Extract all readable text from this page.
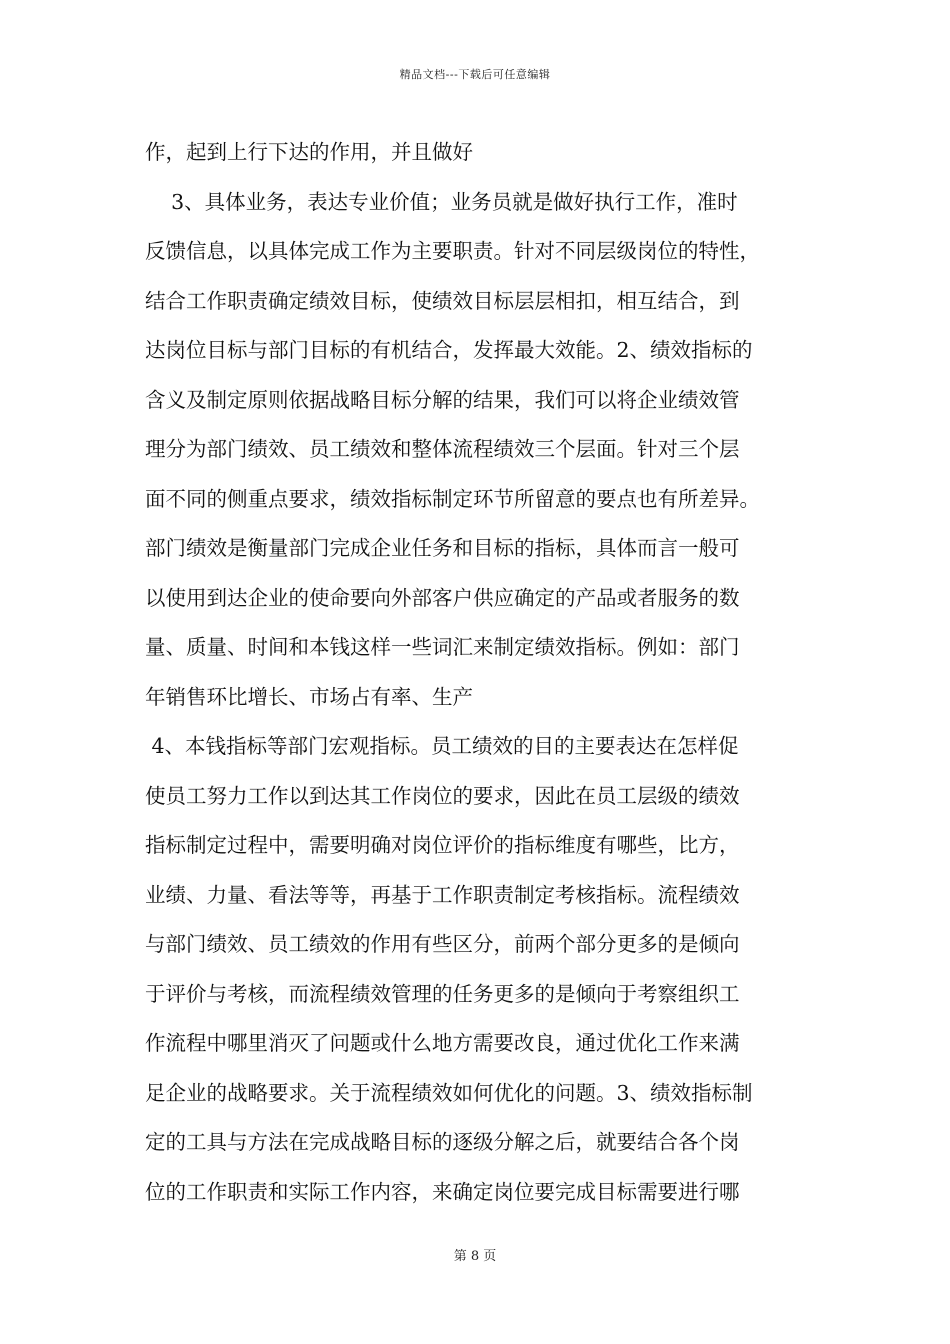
精品文档---下载后可任意编辑
作，起到上行下达的作用，并且做好
3、具体业务，表达专业价值；业务员就是做好执行工作，准时
反馈信息，以具体完成工作为主要职责。针对不同层级岗位的特性，
结合工作职责确定绩效目标，使绩效目标层层相扣，相互结合，到
达岗位目标与部门目标的有机结合，发挥最大效能。2、绩效指标的
含义及制定原则依据战略目标分解的结果，我们可以将企业绩效管
理分为部门绩效、员工绩效和整体流程绩效三个层面。针对三个层
面不同的侧重点要求，绩效指标制定环节所留意的要点也有所差异。
部门绩效是衡量部门完成企业任务和目标的指标，具体而言一般可
以使用到达企业的使命要向外部客户供应确定的产品或者服务的数
量、质量、时间和本钱这样一些词汇来制定绩效指标。例如：部门
年销售环比增长、市场占有率、生产
4、本钱指标等部门宏观指标。员工绩效的目的主要表达在怎样促
使员工努力工作以到达其工作岗位的要求，因此在员工层级的绩效
指标制定过程中，需要明确对岗位评价的指标维度有哪些，比方，
业绩、力量、看法等等，再基于工作职责制定考核指标。流程绩效
与部门绩效、员工绩效的作用有些区分，前两个部分更多的是倾向
于评价与考核，而流程绩效管理的任务更多的是倾向于考察组织工
作流程中哪里消灭了问题或什么地方需要改良，通过优化工作来满
足企业的战略要求。关于流程绩效如何优化的问题。3、绩效指标制
定的工具与方法在完成战略目标的逐级分解之后，就要结合各个岗
位的工作职责和实际工作内容，来确定岗位要完成目标需要进行哪
第 8 页
